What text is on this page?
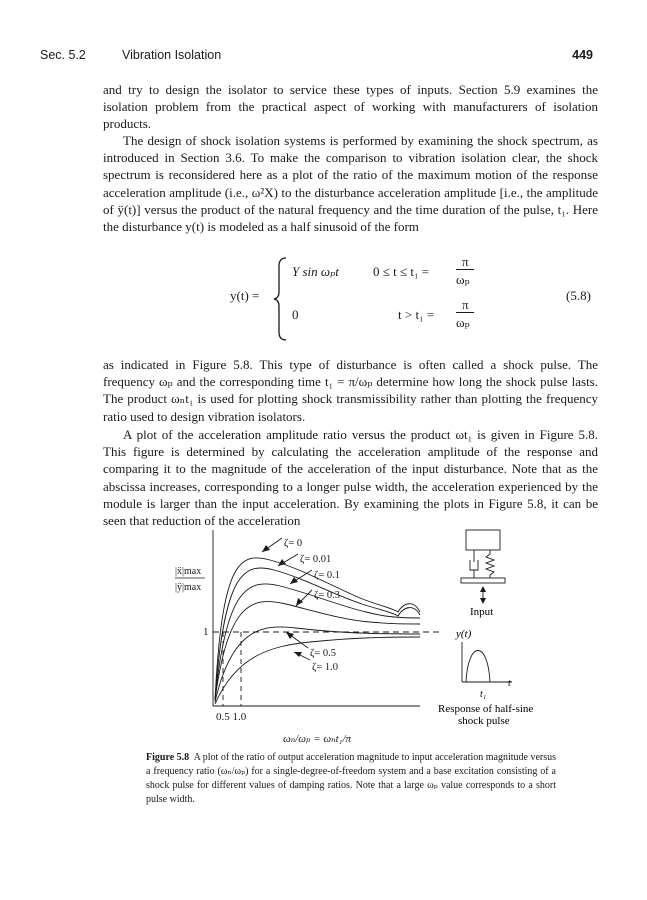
Sec. 5.2	Vibration Isolation	449

and try to design the isolator to service these types of inputs. Section 5.9 examines the isolation problem from the practical aspect of working with manufacturers of isolation products.

The design of shock isolation systems is performed by examining the shock spectrum, as introduced in Section 3.6. To make the comparison to vibration isolation clear, the shock spectrum is reconsidered here as a plot of the ratio of the maximum motion of the response acceleration amplitude (i.e., ω²X) to the disturbance acceleration amplitude [i.e., the amplitude of ÿ(t)] versus the product of the natural frequency and the time duration of the pulse, t₁. Here the disturbance y(t) is modeled as a half sinusoid of the form

y(t) =
Y sin ωₚt	0 ≤ t ≤ t₁ =
π
ωₚ
0	t > t₁ =
π
ωₚ
(5.8)

as indicated in Figure 5.8. This type of disturbance is often called a shock pulse. The frequency ωₚ and the corresponding time t₁ = π/ωₚ determine how long the shock pulse lasts. The product ωₙt₁ is used for plotting shock transmissibility rather than plotting the frequency ratio used to design vibration isolators.

A plot of the acceleration amplitude ratio versus the product ωt₁ is given in Figure 5.8. This figure is determined by calculating the acceleration amplitude of the response and comparing it to the magnitude of the acceleration of the input disturbance. Note that as the abscissa increases, corresponding to a longer pulse width, the acceleration experienced by the module is larger than the input acceleration. By examining the plots in Figure 5.8, it can be seen that reduction of the acceleration

ζ= 0
ζ= 0.01
ζ= 0.1
ζ= 0.3
ζ= 0.5
ζ= 1.0
|ẍ|max
|ÿ|max
1
0.5 1.0
ωₙ/ωₚ = ωₙt₁/π
Input
y(t)
t
t₁
Response of half-sine
shock pulse
Figure 5.8 A plot of the ratio of output acceleration magnitude to input acceleration magnitude versus a frequency ratio (ωₙ/ωₚ) for a single-degree-of-freedom system and a base excitation consisting of a shock pulse for different values of damping ratios. Note that a large ωₚ value corresponds to a short pulse width.
